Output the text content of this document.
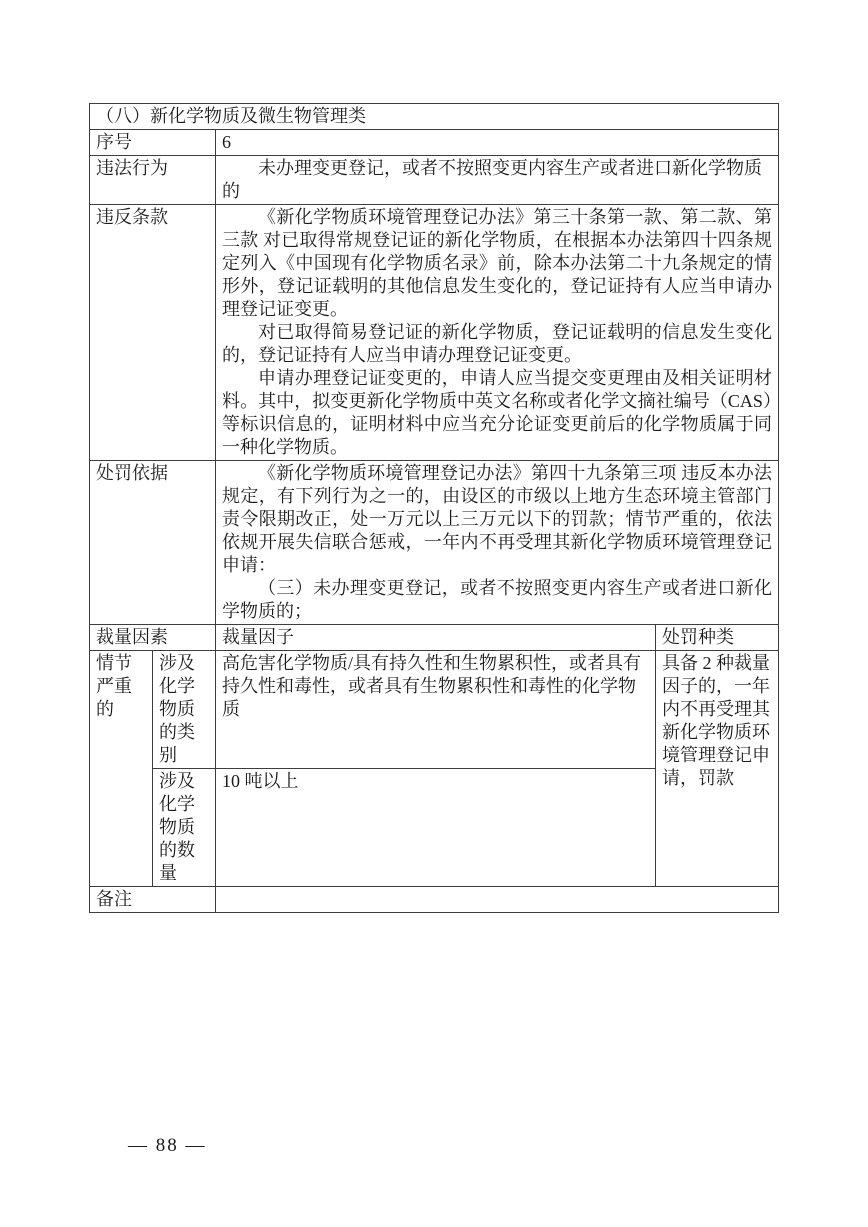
（八）新化学物质及微生物管理类			
序号		6	
违法行为		未办理变更登记，或者不按照变更内容生产或者进口新化学物质的	
违反条款		《新化学物质环境管理登记办法》第三十条第一款、第二款、第三款 对已取得常规登记证的新化学物质，在根据本办法第四十四条规定列入《中国现有化学物质名录》前，除本办法第二十九条规定的情形外，登记证载明的其他信息发生变化的，登记证持有人应当申请办理登记证变更。

对已取得简易登记证的新化学物质，登记证载明的信息发生变化的，登记证持有人应当申请办理登记证变更。

申请办理登记证变更的，申请人应当提交变更理由及相关证明材料。其中，拟变更新化学物质中英文名称或者化学文摘社编号（CAS）等标识信息的，证明材料中应当充分论证变更前后的化学物质属于同一种化学物质。	

处罚依据		《新化学物质环境管理登记办法》第四十九条第三项 违反本办法规定，有下列行为之一的，由设区的市级以上地方生态环境主管部门责令限期改正，处一万元以上三万元以下的罚款；情节严重的，依法依规开展失信联合惩戒，一年内不再受理其新化学物质环境管理登记申请：

（三）未办理变更登记，或者不按照变更内容生产或者进口新化学物质的；	

裁量因素		裁量因子	处罚种类
情节严重的	涉及化学物质的类别	高危害化学物质/具有持久性和生物累积性，或者具有持久性和毒性，或者具有生物累积性和毒性的化学物质	具备 2 种裁量因子的，一年内不再受理其新化学物质环境管理登记申请，罚款
	涉及化学物质的数量	10 吨以上	
备注			
— 88 —
